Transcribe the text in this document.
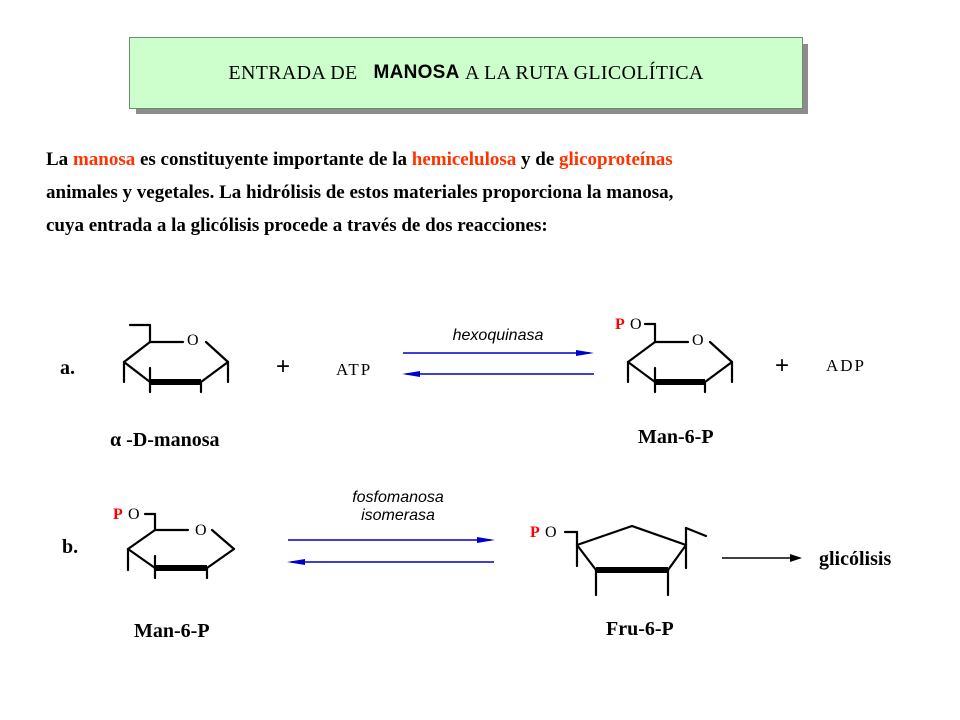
ENTRADA DE
MANOSA
A LA RUTA GLICOLÍTICA
La manosa es constituyente importante de la hemicelulosa y de glicoproteínas
animales y vegetales. La hidrólisis de estos materiales proporciona la manosa,
cuya entrada a la glicólisis procede a través de dos reacciones:
O
P O
O
P O
O	P O
a.	+	ATP
hexoquinasa
+ ADP
α -D-manosa	Man-6-P
b.
fosfomanosa
isomerasa
glicólisis
Man-6-P	Fru-6-P
